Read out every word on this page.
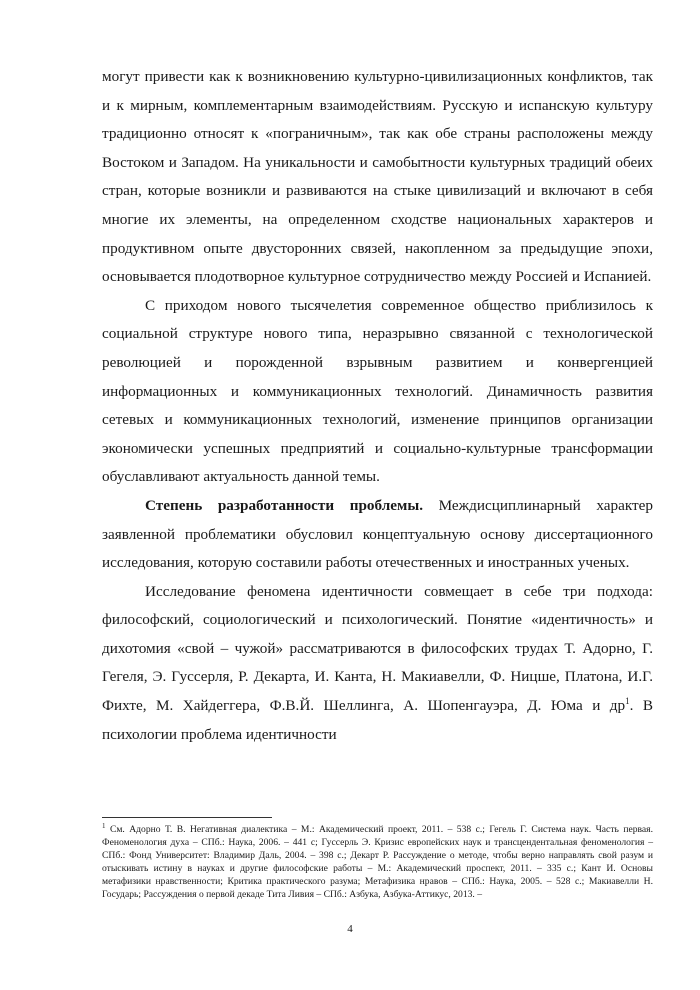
могут привести как к возникновению культурно-цивилизационных конфликтов, так и к мирным, комплементарным взаимодействиям. Русскую и испанскую культуру традиционно относят к «пограничным», так как обе страны расположены между Востоком и Западом. На уникальности и самобытности культурных традиций обеих стран, которые возникли и развиваются на стыке цивилизаций и включают в себя многие их элементы, на определенном сходстве национальных характеров и продуктивном опыте двусторонних связей, накопленном за предыдущие эпохи, основывается плодотворное культурное сотрудничество между Россией и Испанией.

С приходом нового тысячелетия современное общество приблизилось к социальной структуре нового типа, неразрывно связанной с технологической революцией и порожденной взрывным развитием и конвергенцией информационных и коммуникационных технологий. Динамичность развития сетевых и коммуникационных технологий, изменение принципов организации экономически успешных предприятий и социально-культурные трансформации обуславливают актуальность данной темы.

Степень разработанности проблемы. Междисциплинарный характер заявленной проблематики обусловил концептуальную основу диссертационного исследования, которую составили работы отечественных и иностранных ученых.

Исследование феномена идентичности совмещает в себе три подхода: философский, социологический и психологический. Понятие «идентичность» и дихотомия «свой – чужой» рассматриваются в философских трудах Т. Адорно, Г. Гегеля, Э. Гуссерля, Р. Декарта, И. Канта, Н. Макиавелли, Ф. Ницше, Платона, И.Г. Фихте, М. Хайдеггера, Ф.В.Й. Шеллинга, А. Шопенгауэра, Д. Юма и $др^1$. В психологии проблема идентичности

$^1$ См. Адорно Т. В. Негативная диалектика – М.: Академический проект, 2011. – 538 с.; Гегель Г. Система наук. Часть первая. Феноменология духа – СПб.: Наука, 2006. – 441 с; Гуссерль Э. Кризис европейских наук и трансцендентальная феноменология – СПб.: Фонд Университет: Владимир Даль, 2004. – 398 с.; Декарт Р. Рассуждение о методе, чтобы верно направлять свой разум и отыскивать истину в науках и другие философские работы – М.: Академический проспект, 2011. – 335 с.; Кант И. Основы метафизики нравственности; Критика практического разума; Метафизика нравов – СПб.: Наука, 2005. – 528 с.; Макиавелли Н. Государь; Рассуждения о первой декаде Тита Ливия – СПб.: Азбука, Азбука-Аттикус, 2013. –
4
